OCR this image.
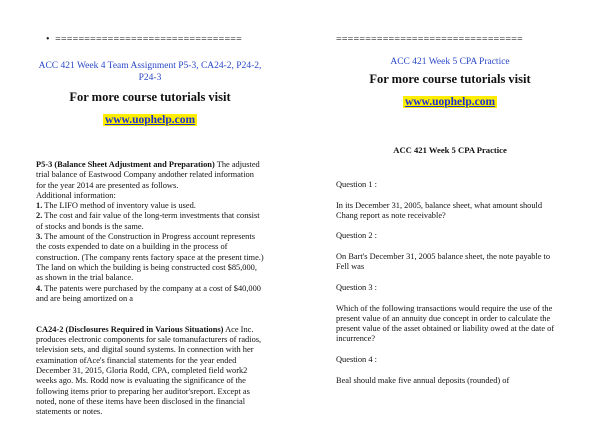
• ================================
ACC 421 Week 4 Team Assignment P5-3, CA24-2, P24-2, P24-3
For more course tutorials visit
www.uophelp.com

P5-3 (Balance Sheet Adjustment and Preparation) The adjusted trial balance of Eastwood Company andother related information for the year 2014 are presented as follows.

Additional information:

1. The LIFO method of inventory value is used.

2. The cost and fair value of the long-term investments that consist of stocks and bonds is the same.

3. The amount of the Construction in Progress account represents the costs expended to date on a building in the process of construction. (The company rents factory space at the present time.) The land on which the building is being constructed cost $85,000, as shown in the trial balance.

4. The patents were purchased by the company at a cost of $40,000 and are being amortized on a

CA24-2 (Disclosures Required in Various Situations) Ace Inc. produces electronic components for sale tomanufacturers of radios, television sets, and digital sound systems. In connection with her examination ofAce's financial statements for the year ended December 31, 2015, Gloria Rodd, CPA, completed field work2 weeks ago. Ms. Rodd now is evaluating the significance of the following items prior to preparing her auditor'sreport. Except as noted, none of these items have been disclosed in the financial statements or notes.

================================
ACC 421 Week 5 CPA Practice
For more course tutorials visit
www.uophelp.com
ACC 421 Week 5 CPA Practice

Question 1 :

In its December 31, 2005, balance sheet, what amount should Chang report as note receivable?

Question 2 :

On Bart's December 31, 2005 balance sheet, the note payable to Fell was

Question 3 :

Which of the following transactions would require the use of the present value of an annuity due concept in order to calculate the present value of the asset obtained or liability owed at the date of incurrence?

Question 4 :

Beal should make five annual deposits (rounded) of
